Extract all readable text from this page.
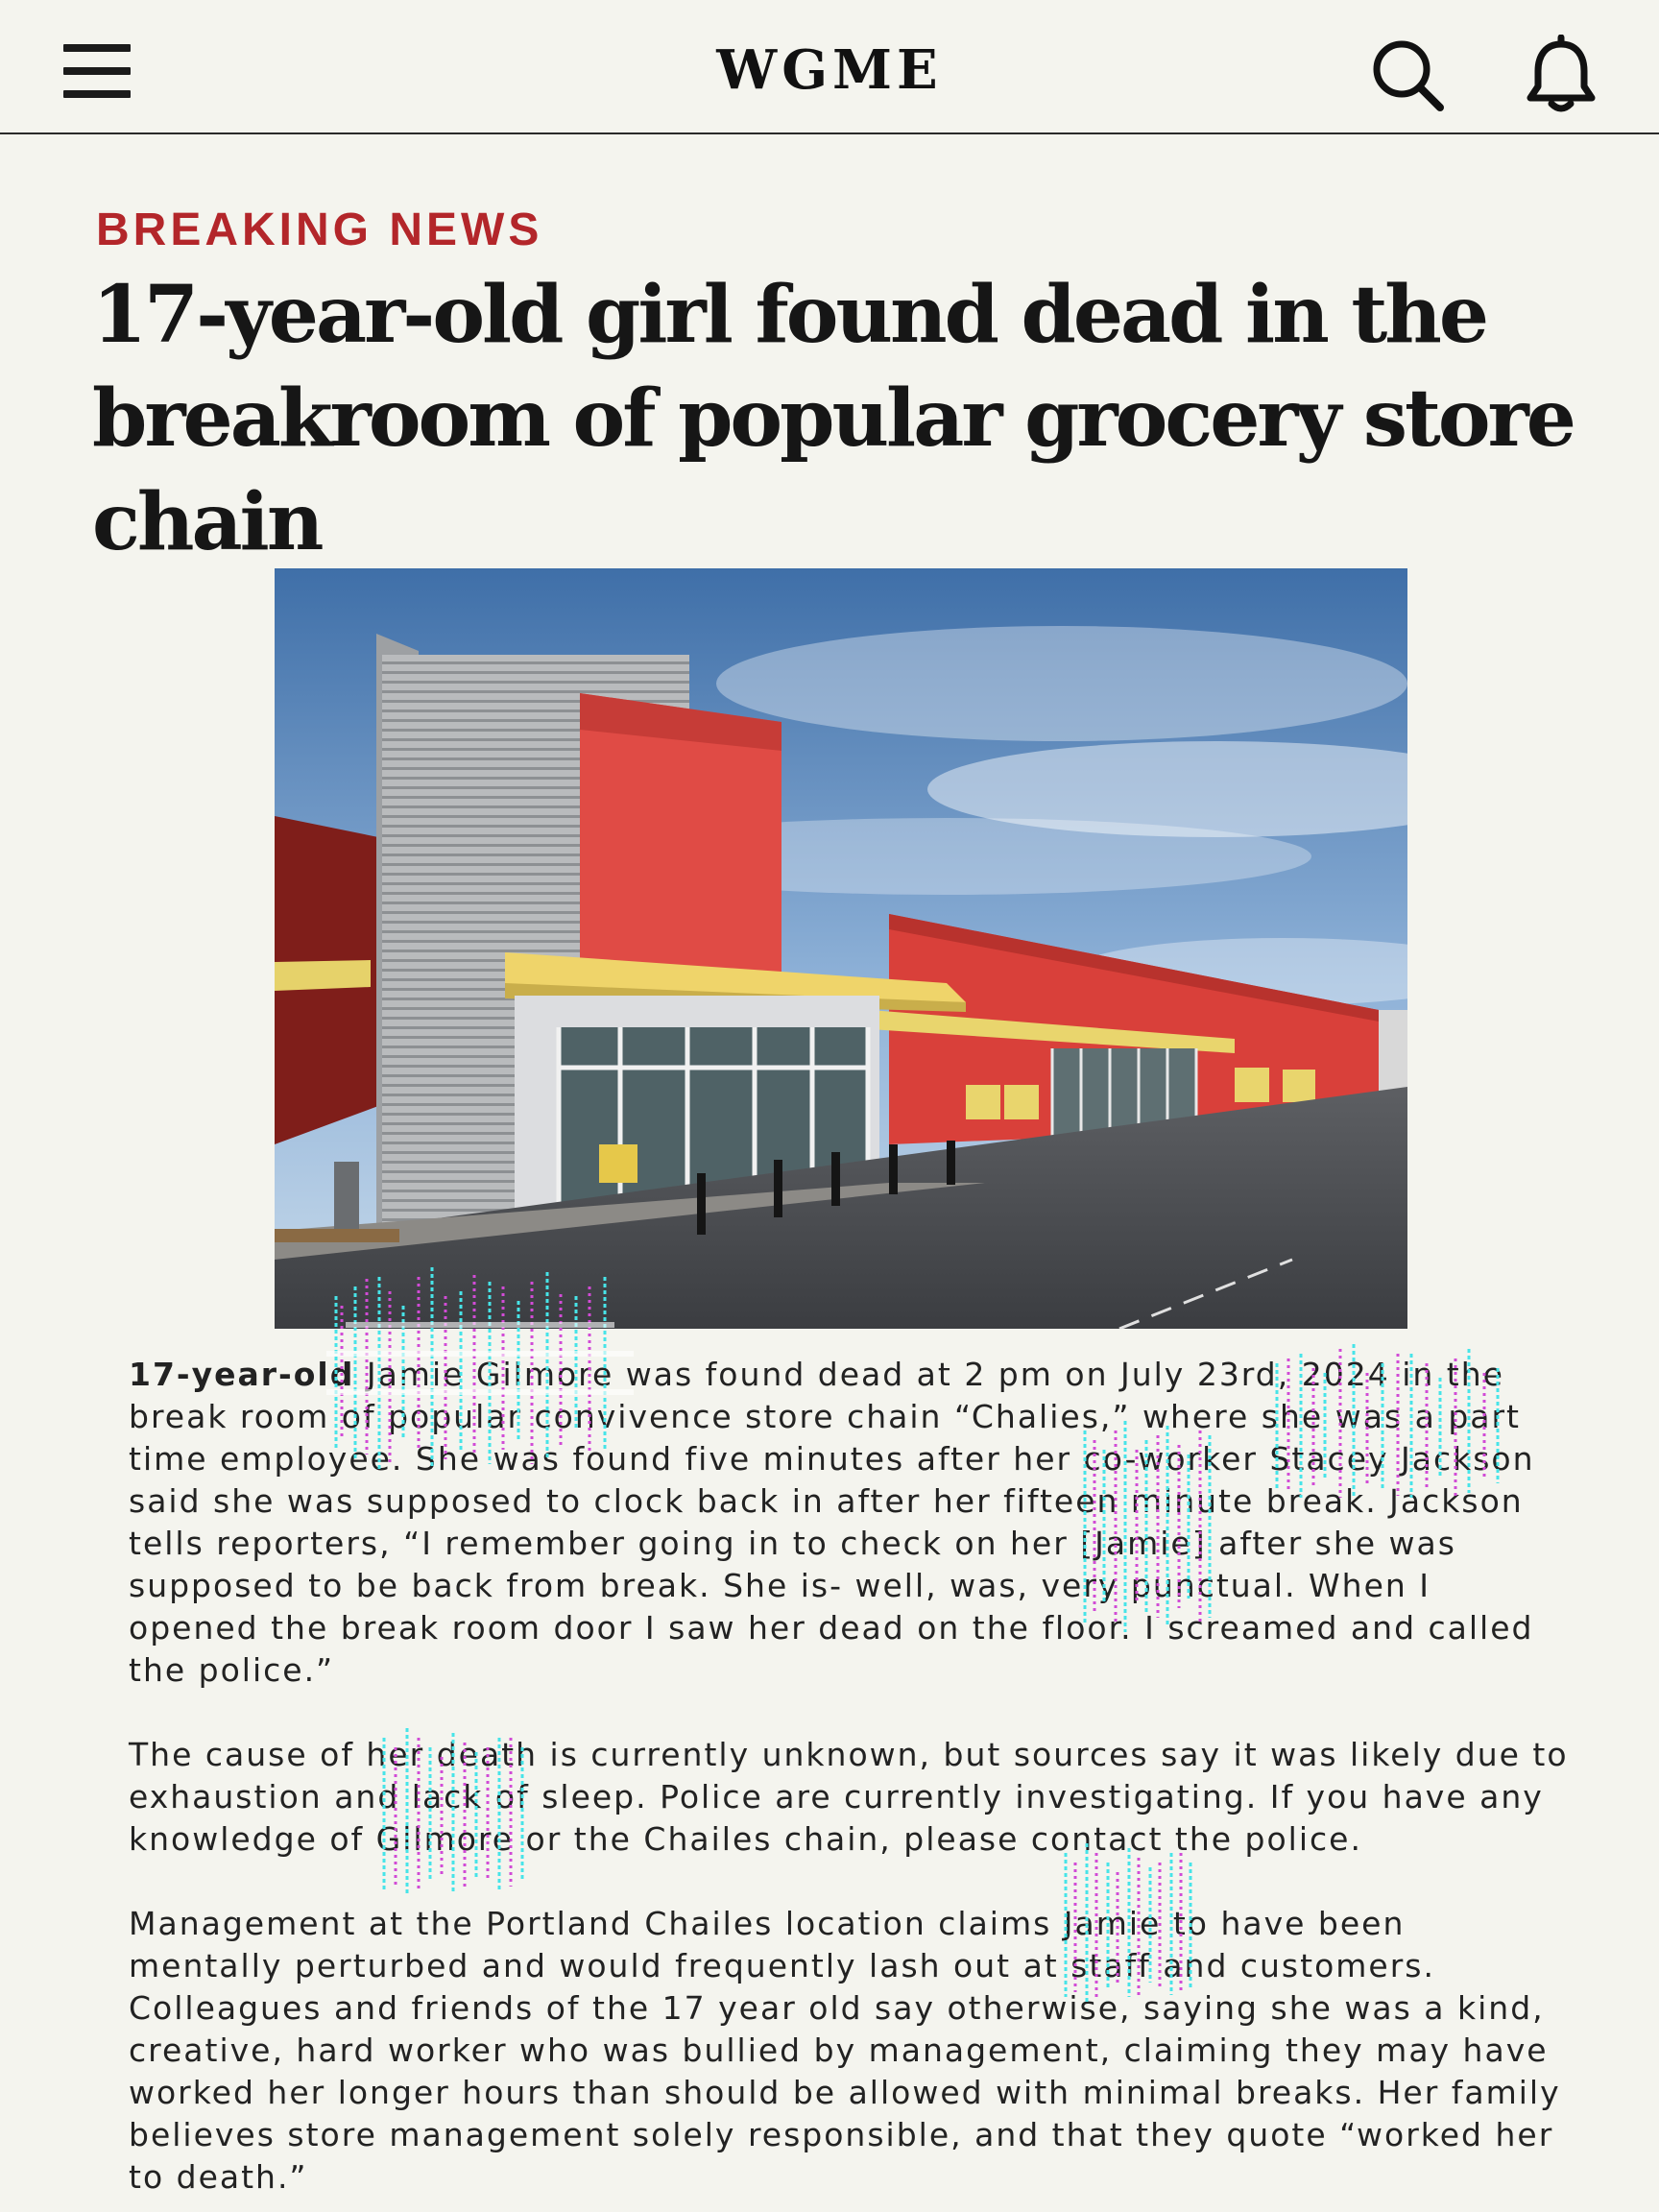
WGME
BREAKING NEWS
17-year-old girl found dead in the breakroom of popular grocery store chain

17-year-old Jamie Gilmore was found dead at 2 pm on July 23rd, 2024 in the break room of popular convivence store chain “Chalies,” where she was a part time employee. She was found five minutes after her co-worker Stacey Jackson said she was supposed to clock back in after her fifteen minute break. Jackson tells reporters, “I remember going in to check on her [Jamie] after she was supposed to be back from break. She is- well, was, very punctual. When I opened the break room door I saw her dead on the floor. I screamed and called the police.”

The cause of her death is currently unknown, but sources say it was likely due to exhaustion and lack of sleep. Police are currently investigating. If you have any knowledge of Gilmore or the Chailes chain, please contact the police.

Management at the Portland Chailes location claims Jamie to have been mentally perturbed and would frequently lash out at staff and customers. Colleagues and friends of the 17 year old say otherwise, saying she was a kind, creative, hard worker who was bullied by management, claiming they may have worked her longer hours than should be allowed with minimal breaks. Her family believes store management solely responsible, and that they quote “worked her to death.”
